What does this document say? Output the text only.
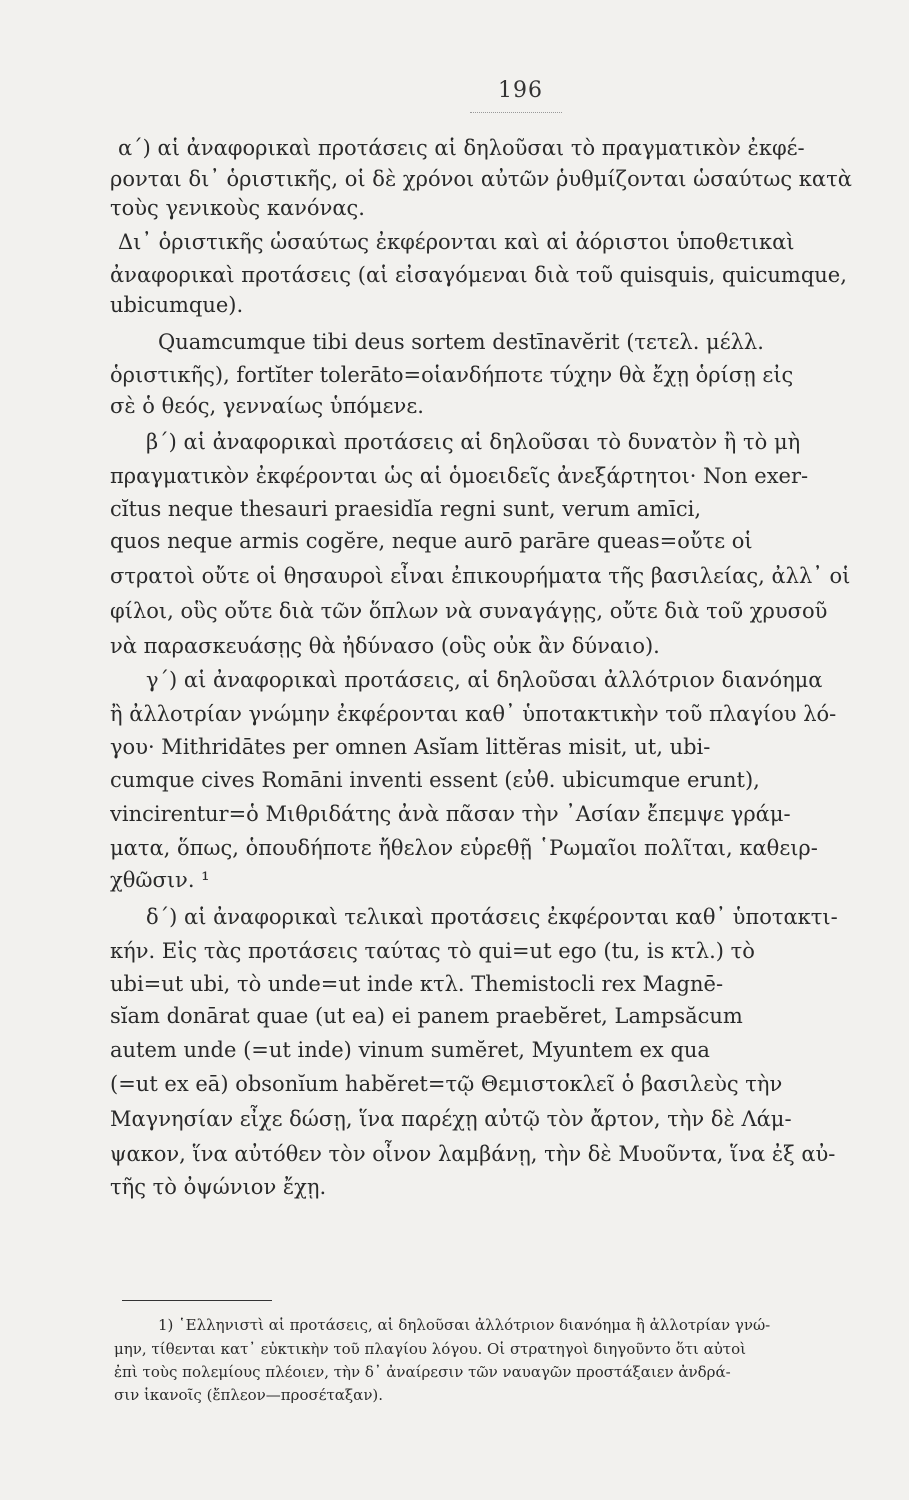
196
α΄) αἱ ἀναφορικαὶ προτάσεις αἱ δηλοῦσαι τὸ πραγματικὸν ἐκφέ-
ρονται δι᾿ ὁριστικῆς, οἱ δὲ χρόνοι αὐτῶν ῥυθμίζονται ὡσαύτως κατὰ
τοὺς γενικοὺς κανόνας.
Δι᾿ ὁριστικῆς ὡσαύτως ἐκφέρονται καὶ αἱ ἀόριστοι ὑποθετικαὶ
ἀναφορικαὶ προτάσεις (αἱ εἰσαγόμεναι διὰ τοῦ quisquis, quicumque,
ubicumque).
Quamcumque tibi deus sortem destīnavĕrit (τετελ. μέλλ.
ὁριστικῆς), fortĭter tolerāto=οἱανδήποτε τύχην θὰ ἔχῃ ὁρίσῃ εἰς
σὲ ὁ θεός, γενναίως ὑπόμενε.
β΄) αἱ ἀναφορικαὶ προτάσεις αἱ δηλοῦσαι τὸ δυνατὸν ἢ τὸ μὴ
πραγματικὸν ἐκφέρονται ὡς αἱ ὁμοειδεῖς ἀνεξάρτητοι· Non exer-
cĭtus neque thesauri praesidĭa regni sunt, verum amīci,
quos neque armis cogĕre, neque aurō parāre queas=οὔτε οἱ
στρατοὶ οὔτε οἱ θησαυροὶ εἶναι ἐπικουρήματα τῆς βασιλείας, ἀλλ᾿ οἱ
φίλοι, οὓς οὔτε διὰ τῶν ὅπλων νὰ συναγάγῃς, οὔτε διὰ τοῦ χρυσοῦ
νὰ παρασκευάσῃς θὰ ἠδύνασο (οὓς οὐκ ἂν δύναιο).
γ΄) αἱ ἀναφορικαὶ προτάσεις, αἱ δηλοῦσαι ἀλλότριον διανόημα
ἢ ἀλλοτρίαν γνώμην ἐκφέρονται καθ᾿ ὑποτακτικὴν τοῦ πλαγίου λό-
γου· Mithridātes per omnen Asĭam littĕras misit, ut, ubi-
cumque cives Romāni inventi essent (εὐθ. ubicumque erunt),
vincirentur=ὁ Μιθριδάτης ἀνὰ πᾶσαν τὴν ᾿Ασίαν ἔπεμψε γράμ-
ματα, ὅπως, ὁπουδήποτε ἤθελον εὑρεθῇ ῾Ρωμαῖοι πολῖται, καθειρ-
χθῶσιν. ¹
δ΄) αἱ ἀναφορικαὶ τελικαὶ προτάσεις ἐκφέρονται καθ᾿ ὑποτακτι-
κήν. Εἰς τὰς προτάσεις ταύτας τὸ qui=ut ego (tu, is κτλ.) τὸ
ubi=ut ubi, τὸ unde=ut inde κτλ. Themistocli rex Magnē-
sĭam donārat quae (ut ea) ei panem praebĕret, Lampsăcum
autem unde (=ut inde) vinum sumĕret, Myuntem ex qua
(=ut ex eā) obsonĭum habĕret=τῷ Θεμιστοκλεῖ ὁ βασιλεὺς τὴν
Μαγνησίαν εἶχε δώσῃ, ἵνα παρέχῃ αὐτῷ τὸν ἄρτον, τὴν δὲ Λάμ-
ψακον, ἵνα αὐτόθεν τὸν οἶνον λαμβάνῃ, τὴν δὲ Μυοῦντα, ἵνα ἐξ αὐ-
τῆς τὸ ὀψώνιον ἔχῃ.
1) ῾Ελληνιστὶ αἱ προτάσεις, αἱ δηλοῦσαι ἀλλότριον διανόημα ἢ ἀλλοτρίαν γνώ-
μην, τίθενται κατ᾿ εὐκτικὴν τοῦ πλαγίου λόγου. Οἱ στρατηγοὶ διηγοῦντο ὅτι αὐτοὶ
ἐπὶ τοὺς πολεμίους πλέοιεν, τὴν δ᾿ ἀναίρεσιν τῶν ναυαγῶν προστάξαιεν ἀνδρά-
σιν ἱκανοῖς (ἔπλεον—προσέταξαν).
